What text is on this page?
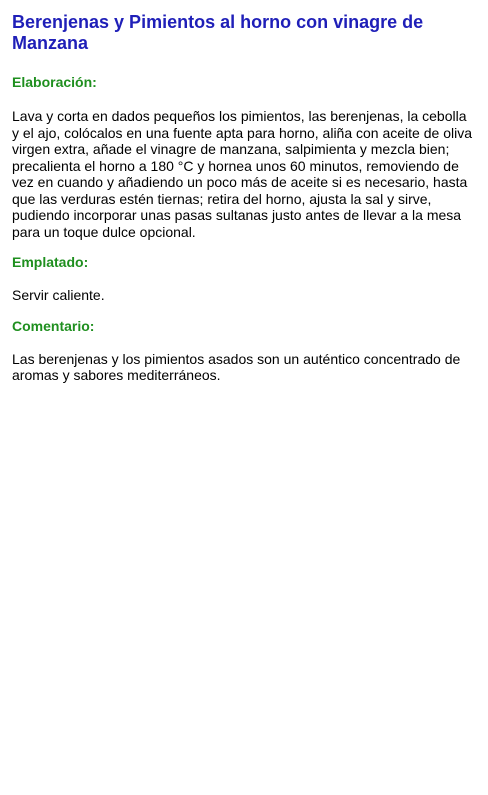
Berenjenas y Pimientos al horno con vinagre de Manzana
Elaboración:

Lava y corta en dados pequeños los pimientos, las berenjenas, la cebolla y el ajo, colócalos en una fuente apta para horno, aliña con aceite de oliva virgen extra, añade el vinagre de manzana, salpimienta y mezcla bien; precalienta el horno a 180 °C y hornea unos 60 minutos, removiendo de vez en cuando y añadiendo un poco más de aceite si es necesario, hasta que las verduras estén tiernas; retira del horno, ajusta la sal y sirve, pudiendo incorporar unas pasas sultanas justo antes de llevar a la mesa para un toque dulce opcional.

Emplatado:

Servir caliente.

Comentario:

Las berenjenas y los pimientos asados son un auténtico concentrado de aromas y sabores mediterráneos.
